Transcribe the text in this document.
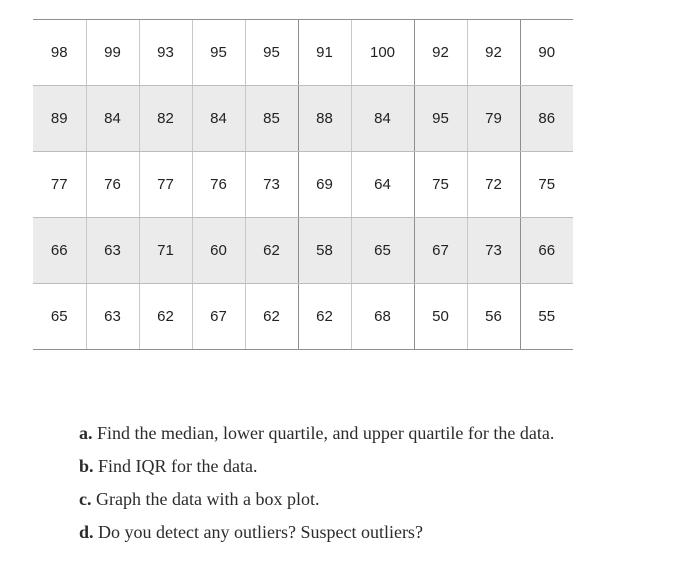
98	99	93	95	95	91	100	92	92	90
89	84	82	84	85	88	84	95	79	86
77	76	77	76	73	69	64	75	72	75
66	63	71	60	62	58	65	67	73	66
65	63	62	67	62	62	68	50	56	55

a. Find the median, lower quartile, and upper quartile for the data.

b. Find IQR for the data.

c. Graph the data with a box plot.

d. Do you detect any outliers? Suspect outliers?
